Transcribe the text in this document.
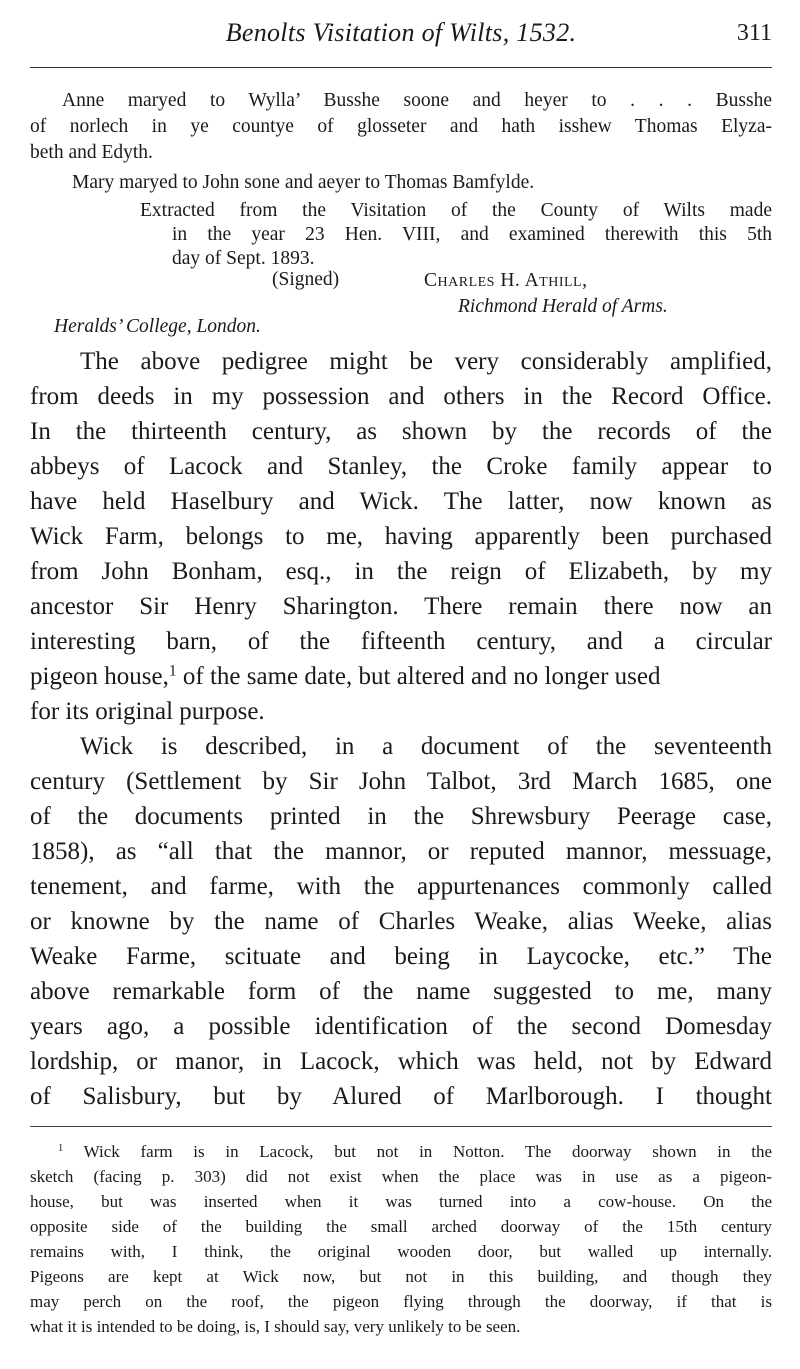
Benolts Visitation of Wilts, 1532.	311
Anne maryed to Wylla’ Busshe soone and heyer to . . . Busshe
of norlech in ye countye of glosseter and hath isshew Thomas Elyza-
beth and Edyth.
Mary maryed to John sone and aeyer to Thomas Bamfylde.
Extracted from the Visitation of the County of Wilts made
in the year 23 Hen. VIII, and examined therewith this 5th
day of Sept. 1893.
(Signed)	Charles H. Athill,
Richmond Herald of Arms.
Heralds’ College, London.
The above pedigree might be very considerably amplified,
from deeds in my possession and others in the Record Office.
In the thirteenth century, as shown by the records of the
abbeys of Lacock and Stanley, the Croke family appear to
have held Haselbury and Wick. The latter, now known as
Wick Farm, belongs to me, having apparently been purchased
from John Bonham, esq., in the reign of Elizabeth, by my
ancestor Sir Henry Sharington. There remain there now an
interesting barn, of the fifteenth century, and a circular
pigeon house,$^1$ of the same date, but altered and no longer used
for its original purpose.
Wick is described, in a document of the seventeenth
century (Settlement by Sir John Talbot, 3rd March 1685, one
of the documents printed in the Shrewsbury Peerage case,
1858), as “all that the mannor, or reputed mannor, messuage,
tenement, and farme, with the appurtenances commonly called
or knowne by the name of Charles Weake, alias Weeke, alias
Weake Farme, scituate and being in Laycocke, etc.” The
above remarkable form of the name suggested to me, many
years ago, a possible identification of the second Domesday
lordship, or manor, in Lacock, which was held, not by Edward
of Salisbury, but by Alured of Marlborough. I thought
$^1$ Wick farm is in Lacock, but not in Notton. The doorway shown in the
sketch (facing p. 303) did not exist when the place was in use as a pigeon-
house, but was inserted when it was turned into a cow-house. On the
opposite side of the building the small arched doorway of the 15th century
remains with, I think, the original wooden door, but walled up internally.
Pigeons are kept at Wick now, but not in this building, and though they
may perch on the roof, the pigeon flying through the doorway, if that is
what it is intended to be doing, is, I should say, very unlikely to be seen.
